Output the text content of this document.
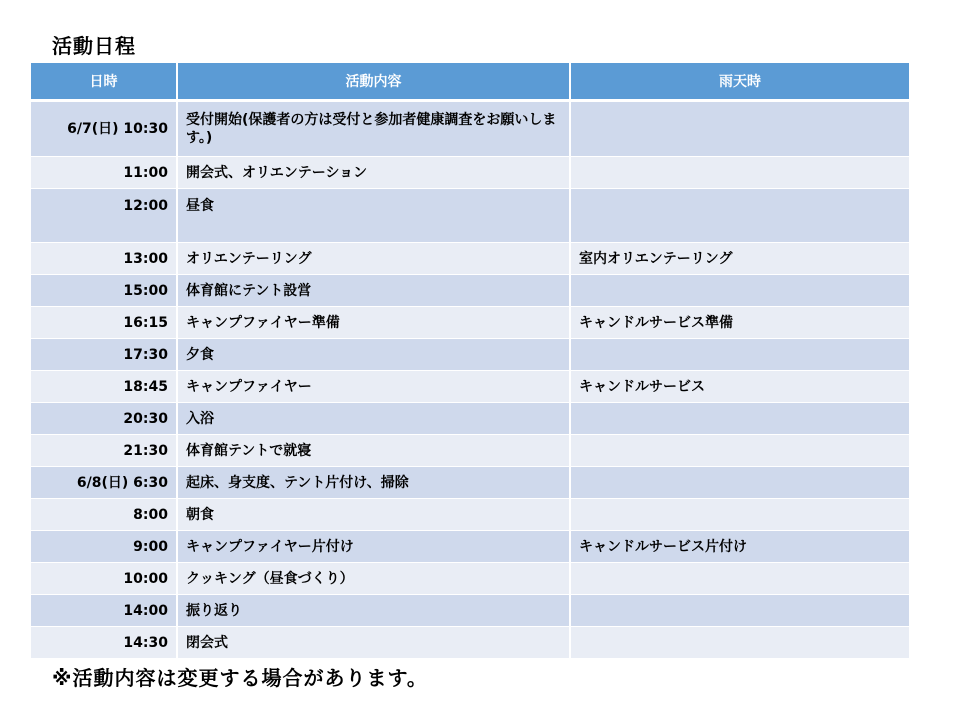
活動日程
日時	活動内容	雨天時
6/7(日) 10:30	受付開始(保護者の方は受付と参加者健康調査をお願いします。)	
11:00	開会式、オリエンテーション	
12:00	昼食	
13:00	オリエンテーリング	室内オリエンテーリング
15:00	体育館にテント設営	
16:15	キャンプファイヤー準備	キャンドルサービス準備
17:30	夕食	
18:45	キャンプファイヤー	キャンドルサービス
20:30	入浴	
21:30	体育館テントで就寝	
6/8(日) 6:30	起床、身支度、テント片付け、掃除	
8:00	朝食	
9:00	キャンプファイヤー片付け	キャンドルサービス片付け
10:00	クッキング（昼食づくり）	
14:00	振り返り	
14:30	閉会式	
※活動内容は変更する場合があります。
